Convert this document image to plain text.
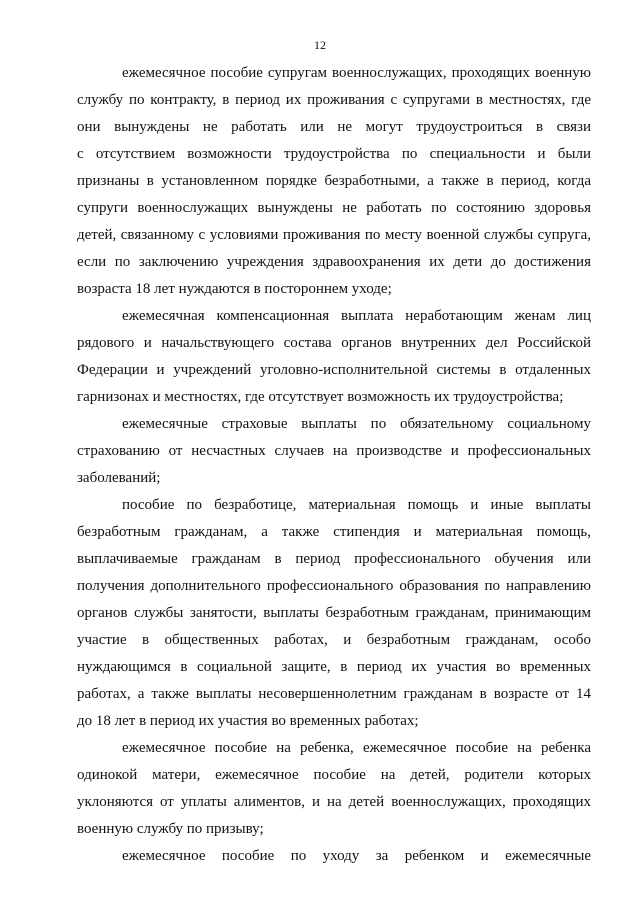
12
ежемесячное пособие супругам военнослужащих, проходящих военную
службу по контракту, в период их проживания с супругами в местностях, где
они вынуждены не работать или не могут трудоустроиться в связи
с отсутствием возможности трудоустройства по специальности и были
признаны в установленном порядке безработными, а также в период, когда
супруги военнослужащих вынуждены не работать по состоянию здоровья
детей, связанному с условиями проживания по месту военной службы супруга,
если по заключению учреждения здравоохранения их дети до достижения
возраста 18 лет нуждаются в постороннем уходе;
ежемесячная компенсационная выплата неработающим женам лиц
рядового и начальствующего состава органов внутренних дел Российской
Федерации и учреждений уголовно-исполнительной системы в отдаленных
гарнизонах и местностях, где отсутствует возможность их трудоустройства;
ежемесячные страховые выплаты по обязательному социальному
страхованию от несчастных случаев на производстве и профессиональных
заболеваний;
пособие по безработице, материальная помощь и иные выплаты
безработным гражданам, а также стипендия и материальная помощь,
выплачиваемые гражданам в период профессионального обучения или
получения дополнительного профессионального образования по направлению
органов службы занятости, выплаты безработным гражданам, принимающим
участие в общественных работах, и безработным гражданам, особо
нуждающимся в социальной защите, в период их участия во временных
работах, а также выплаты несовершеннолетним гражданам в возрасте от 14
до 18 лет в период их участия во временных работах;
ежемесячное пособие на ребенка, ежемесячное пособие на ребенка
одинокой матери, ежемесячное пособие на детей, родители которых
уклоняются от уплаты алиментов, и на детей военнослужащих, проходящих
военную службу по призыву;
ежемесячное пособие по уходу за ребенком и ежемесячные
